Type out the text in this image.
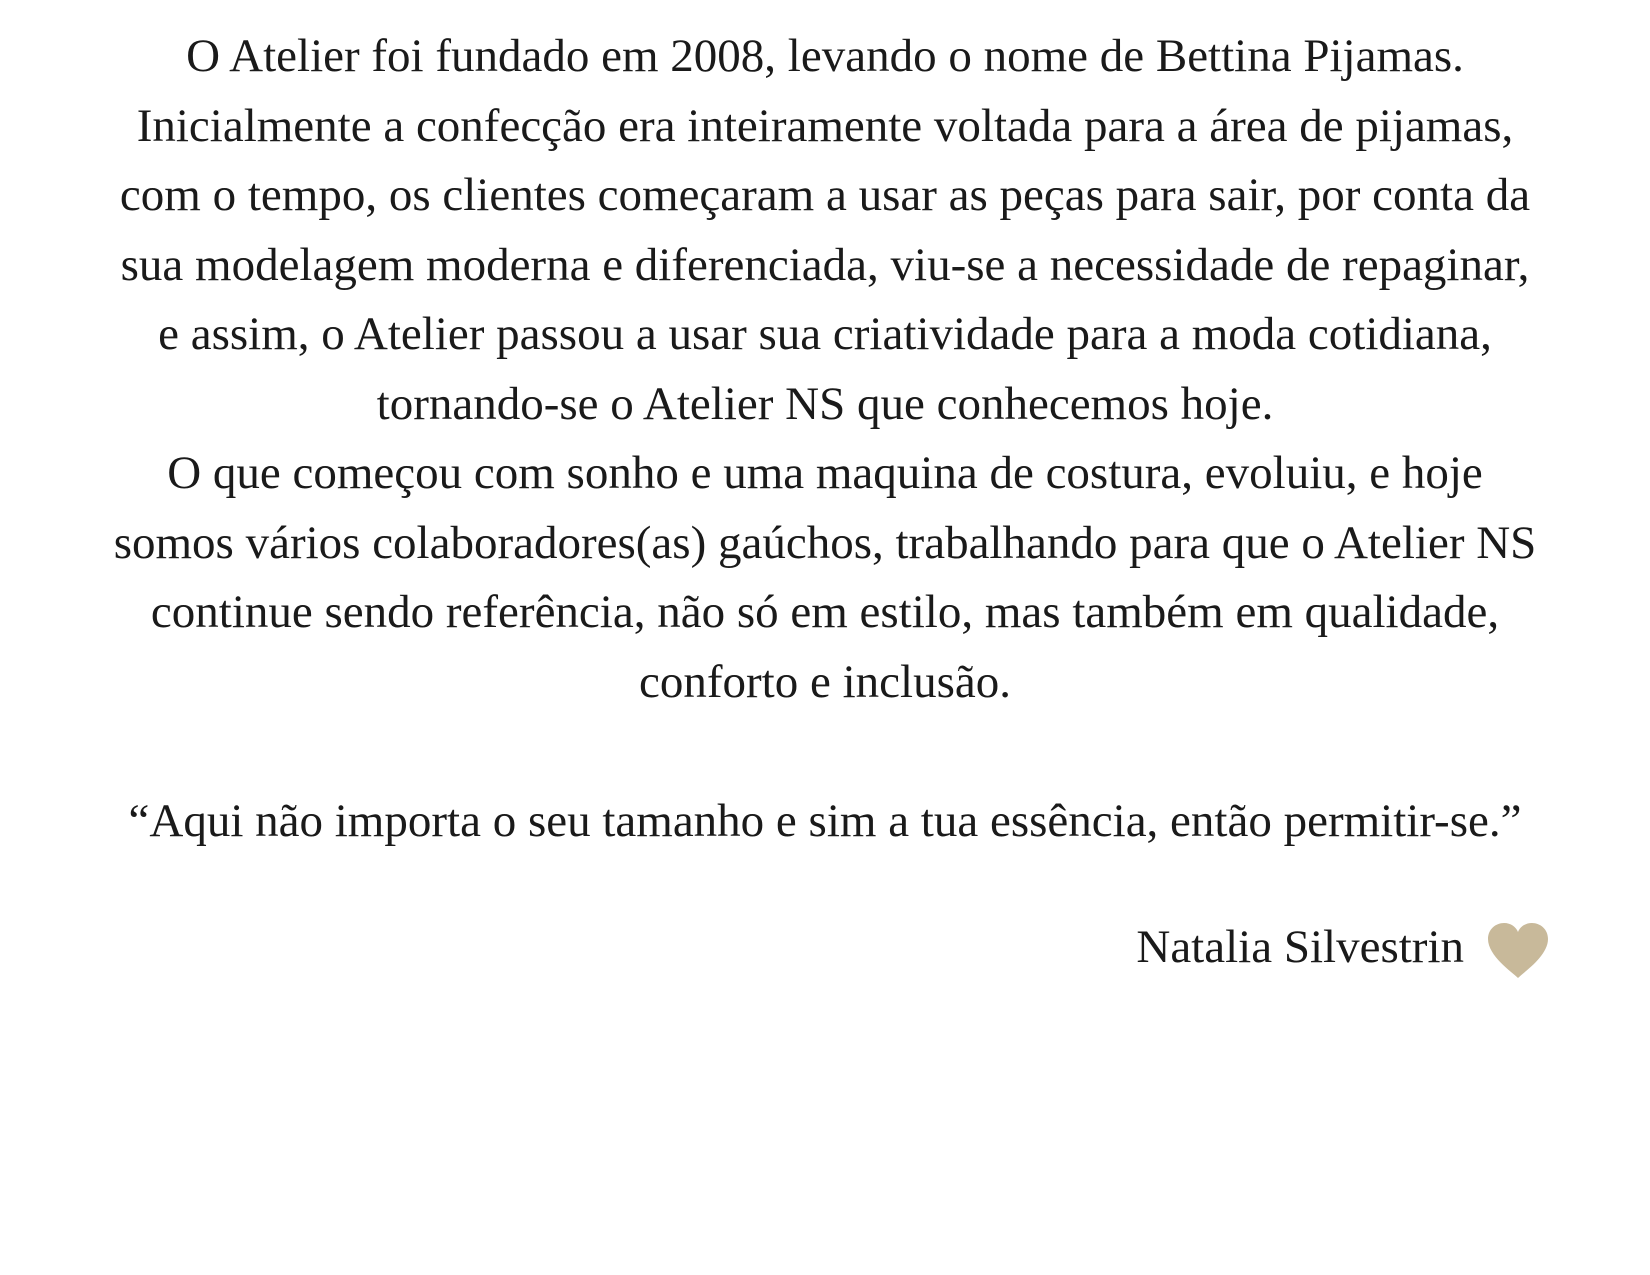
O Atelier foi fundado em 2008, levando o nome de Bettina Pijamas.
Inicialmente a confecção era inteiramente voltada para a área de pijamas,
com o tempo, os clientes começaram a usar as peças para sair, por conta da
sua modelagem moderna e diferenciada, viu-se a necessidade de repaginar,
e assim, o Atelier passou a usar sua criatividade para a moda cotidiana,
tornando-se o Atelier NS que conhecemos hoje.
O que começou com sonho e uma maquina de costura, evoluiu, e hoje
somos vários colaboradores(as) gaúchos, trabalhando para que o Atelier NS
continue sendo referência, não só em estilo, mas também em qualidade,
conforto e inclusão.
“Aqui não importa o seu tamanho e sim a tua essência, então permitir-se.”
Natalia Silvestrin
